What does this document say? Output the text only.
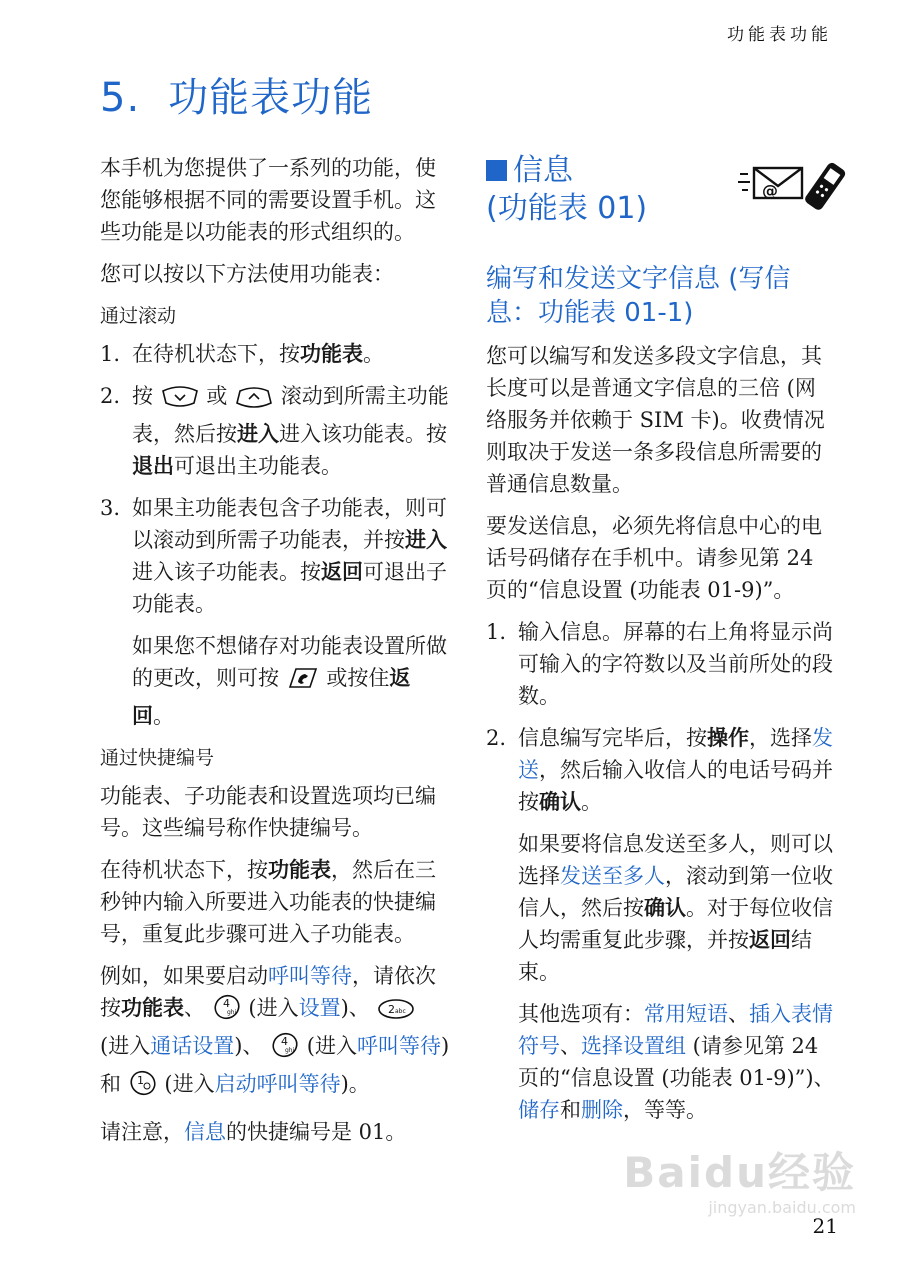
功能表功能
5. 功能表功能

本手机为您提供了一系列的功能，使您能够根据不同的需要设置手机。这些功能是以功能表的形式组织的。

您可以按以下方法使用功能表：

通过滚动
1. 在待机状态下，按功能表。
2. 按	或	滚动到所需主功能表，然后按进入进入该功能表。按退出可退出主功能表。
3. 如果主功能表包含子功能表，则可以滚动到所需子功能表，并按进入进入该子功能表。按返回可退出子功能表。

如果您不想储存对功能表设置所做的更改，则可按 或按住返回。

通过快捷编号

功能表、子功能表和设置选项均已编号。这些编号称作快捷编号。

在待机状态下，按功能表，然后在三秒钟内输入所要进入功能表的快捷编号，重复此步骤可进入子功能表。

例如，如果要启动呼叫等待，请依次按功能表、 4
ghi (进入设置)、 2 abc
(进入通话设置)、 4
ghi (进入呼叫等待) 和 1 (进入启动呼叫等待)。

请注意，信息的快捷编号是 01。

信息
(功能表 01)
@
编写和发送文字信息 (写信息：功能表 01-1)

您可以编写和发送多段文字信息，其长度可以是普通文字信息的三倍 (网络服务并依赖于 SIM 卡)。收费情况则取决于发送一条多段信息所需要的普通信息数量。

要发送信息，必须先将信息中心的电话号码储存在手机中。请参见第 24 页的“信息设置 (功能表 01-9)”。

1. 输入信息。屏幕的右上角将显示尚可输入的字符数以及当前所处的段数。
2. 信息编写完毕后，按操作，选择发送，然后输入收信人的电话号码并按确认。

如果要将信息发送至多人，则可以选择发送至多人，滚动到第一位收信人，然后按确认。对于每位收信人均需重复此步骤，并按返回结束。

其他选项有：常用短语、插入表情符号、选择设置组 (请参见第 24 页的“信息设置 (功能表 01-9)”)、储存和删除，等等。

Baidu经验
jingyan.baidu.com
21
